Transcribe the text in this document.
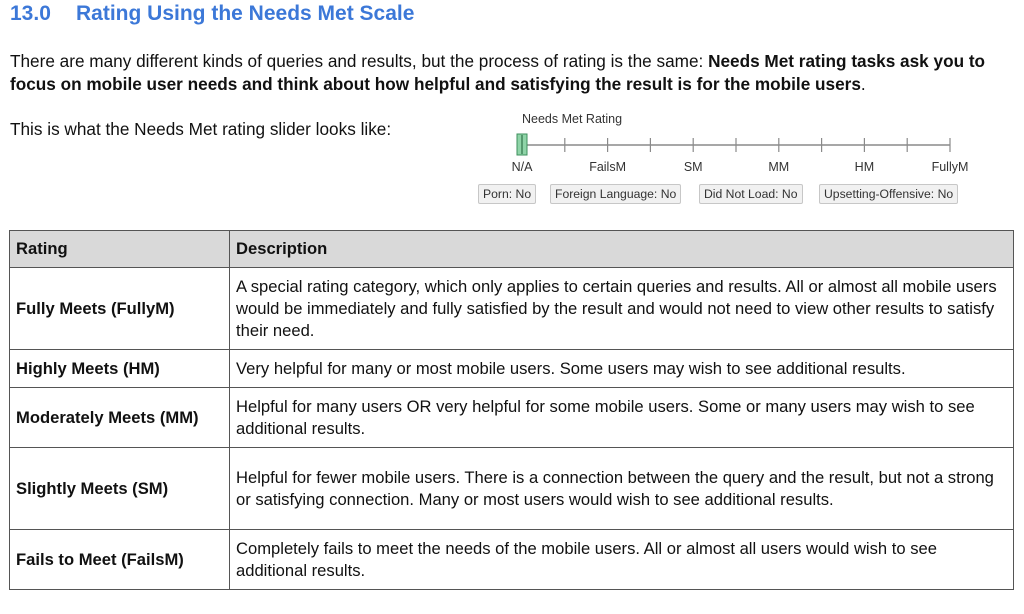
13.0 Rating Using the Needs Met Scale

There are many different kinds of queries and results, but the process of rating is the same: Needs Met rating tasks ask you to focus on mobile user needs and think about how helpful and satisfying the result is for the mobile users.

This is what the Needs Met rating slider looks like:	Needs Met Rating
N/A	FailsM	SM	MM	HM	FullyM
Porn: No	Foreign Language: No	Did Not Load: No	Upsetting-Offensive: No
Rating	Description
Fully Meets (FullyM)	A special rating category, which only applies to certain queries and results. All or almost all mobile users would be immediately and fully satisfied by the result and would not need to view other results to satisfy their need.
Highly Meets (HM)	Very helpful for many or most mobile users. Some users may wish to see additional results.
Moderately Meets (MM)	Helpful for many users OR very helpful for some mobile users. Some or many users may wish to see additional results.
Slightly Meets (SM)	Helpful for fewer mobile users. There is a connection between the query and the result, but not a strong or satisfying connection. Many or most users would wish to see additional results.
Fails to Meet (FailsM)	Completely fails to meet the needs of the mobile users. All or almost all users would wish to see additional results.
